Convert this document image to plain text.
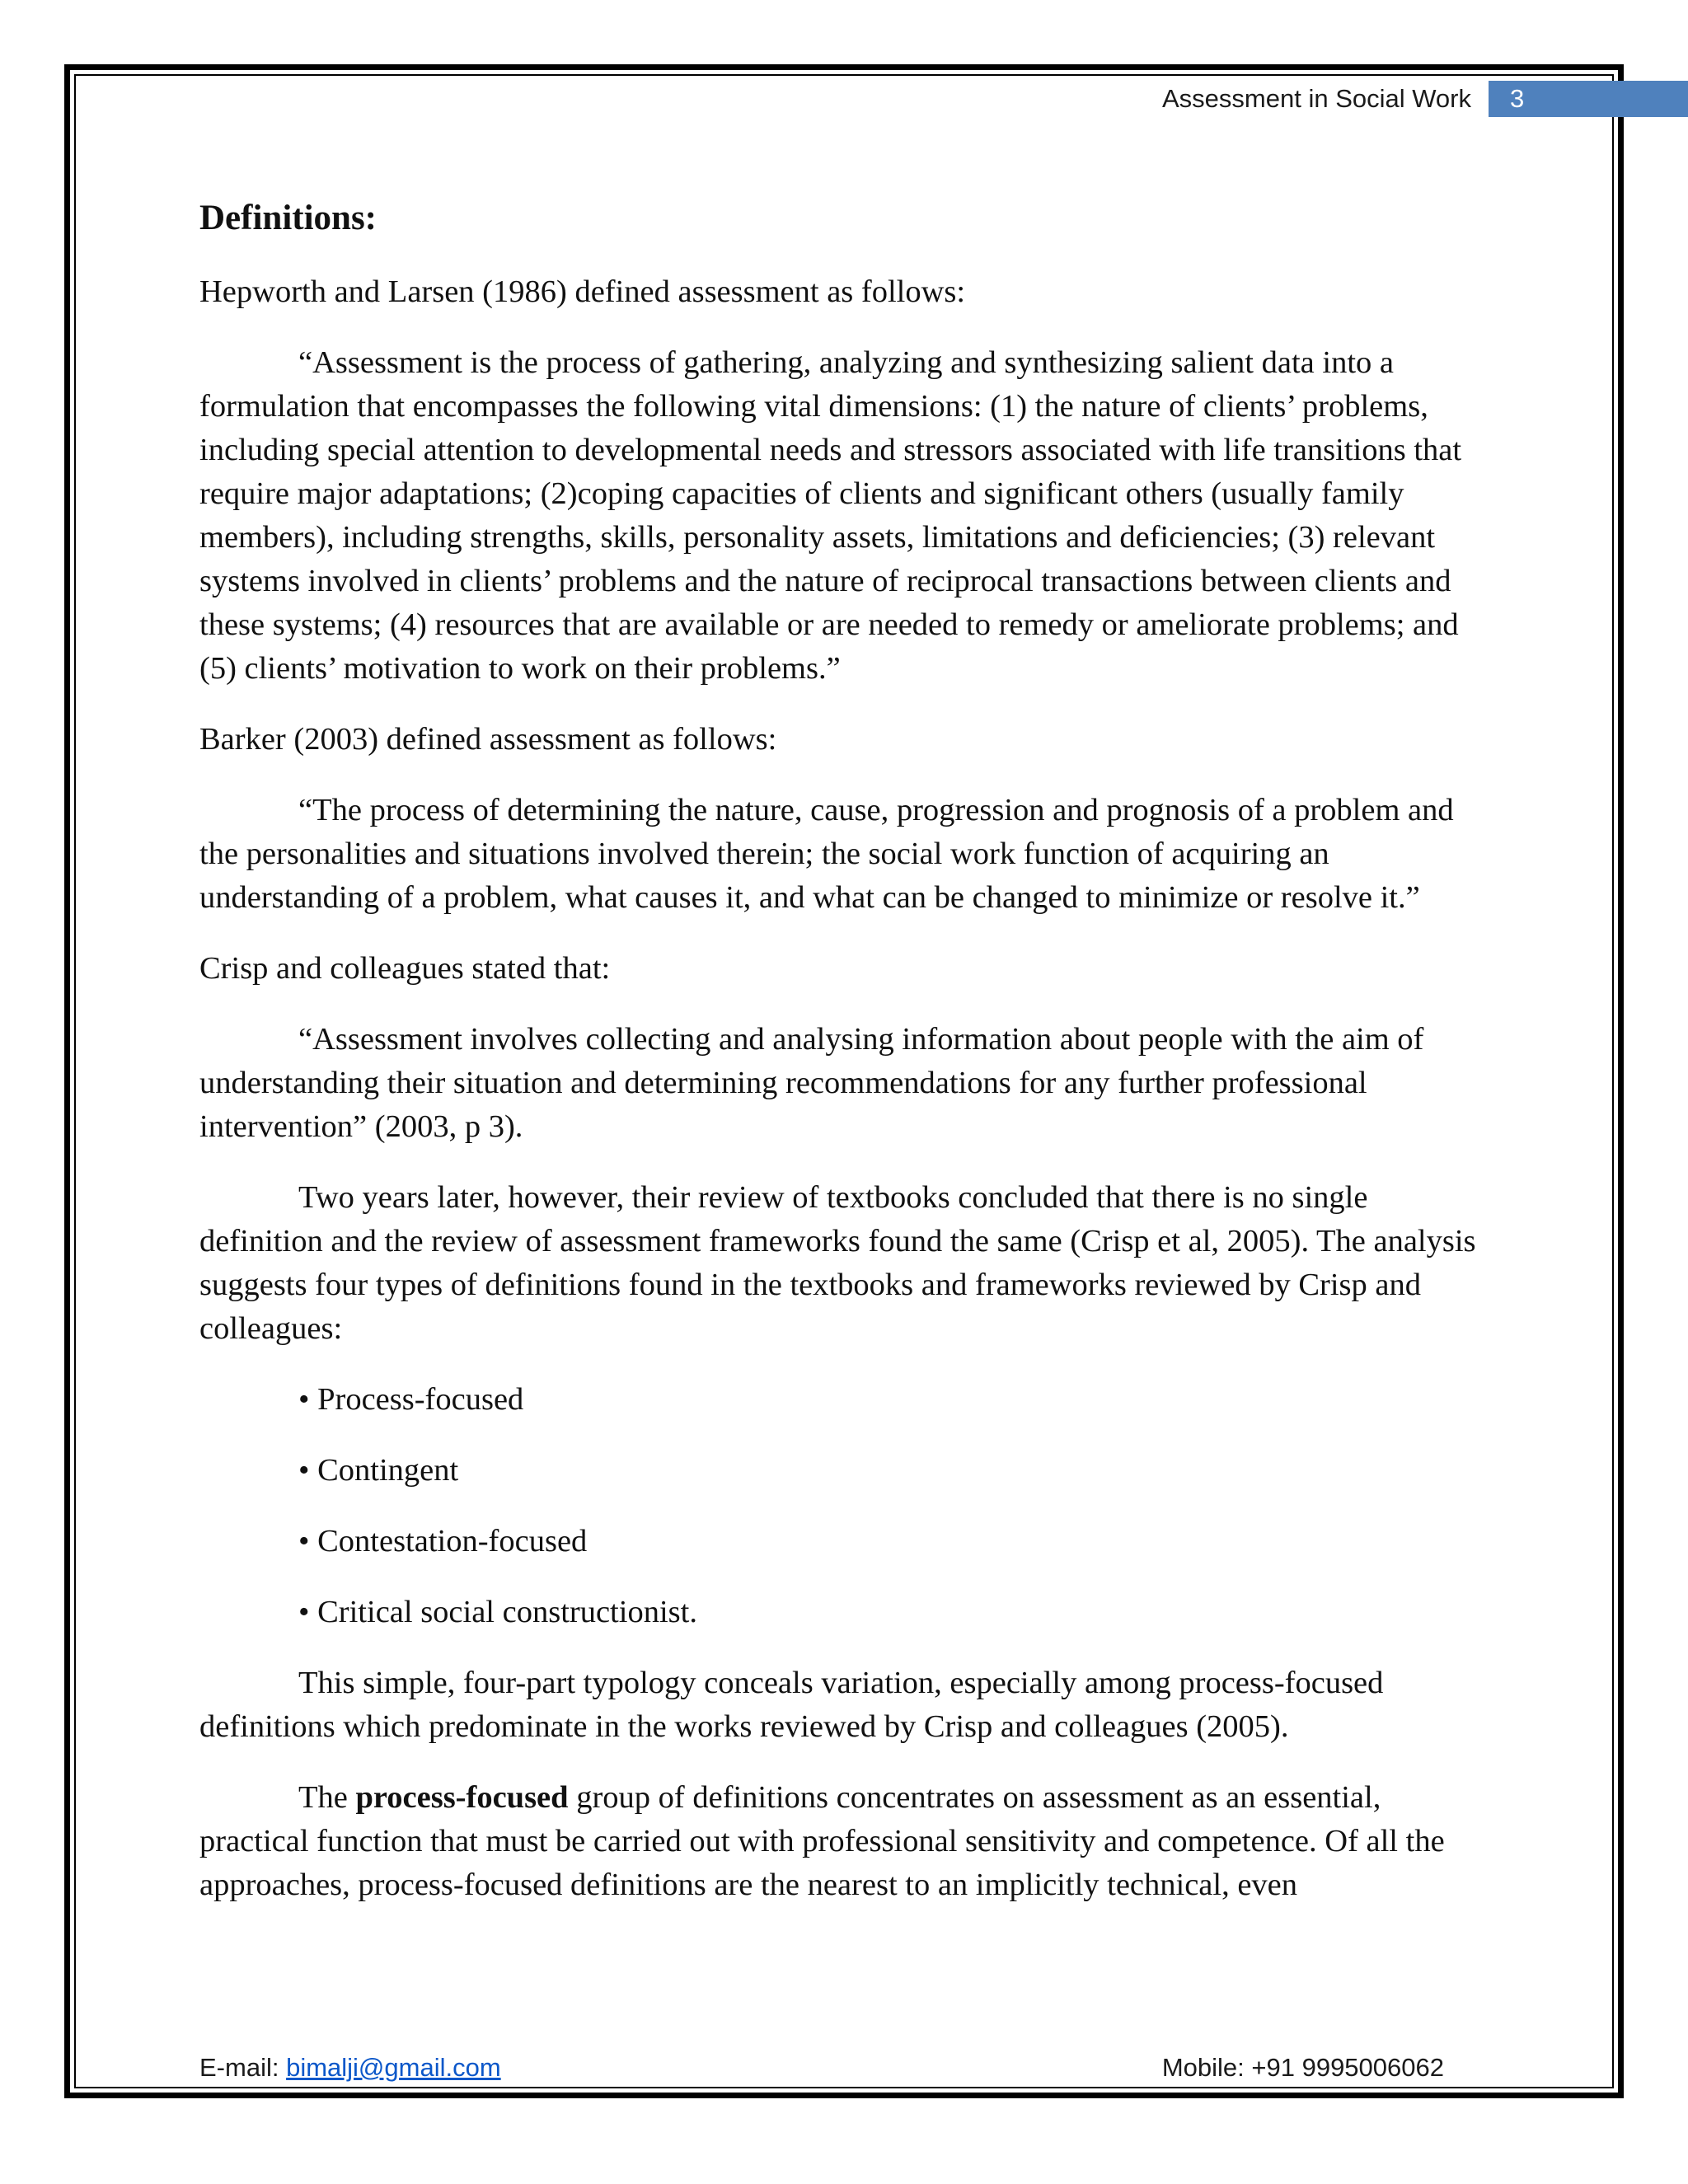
Assessment in Social Work	3

Definitions:

Hepworth and Larsen (1986) defined assessment as follows:

“Assessment is the process of gathering, analyzing and synthesizing salient data into a formulation that encompasses the following vital dimensions: (1) the nature of clients’ problems, including special attention to developmental needs and stressors associated with life transitions that require major adaptations; (2)coping capacities of clients and significant others (usually family members), including strengths, skills, personality assets, limitations and deficiencies; (3) relevant systems involved in clients’ problems and the nature of reciprocal transactions between clients and these systems; (4) resources that are available or are needed to remedy or ameliorate problems; and (5) clients’ motivation to work on their problems.”

Barker (2003) defined assessment as follows:

“The process of determining the nature, cause, progression and prognosis of a problem and the personalities and situations involved therein; the social work function of acquiring an understanding of a problem, what causes it, and what can be changed to minimize or resolve it.”

Crisp and colleagues stated that:

“Assessment involves collecting and analysing information about people with the aim of understanding their situation and determining recommendations for any further professional intervention” (2003, p 3).

Two years later, however, their review of textbooks concluded that there is no single definition and the review of assessment frameworks found the same (Crisp et al, 2005). The analysis suggests four types of definitions found in the textbooks and frameworks reviewed by Crisp and colleagues:

• Process-focused

• Contingent

• Contestation-focused

• Critical social constructionist.

This simple, four-part typology conceals variation, especially among process-focused definitions which predominate in the works reviewed by Crisp and colleagues (2005).

The process-focused group of definitions concentrates on assessment as an essential, practical function that must be carried out with professional sensitivity and competence. Of all the approaches, process-focused definitions are the nearest to an implicitly technical, even

E-mail: bimalji@gmail.com	Mobile: +91 9995006062
